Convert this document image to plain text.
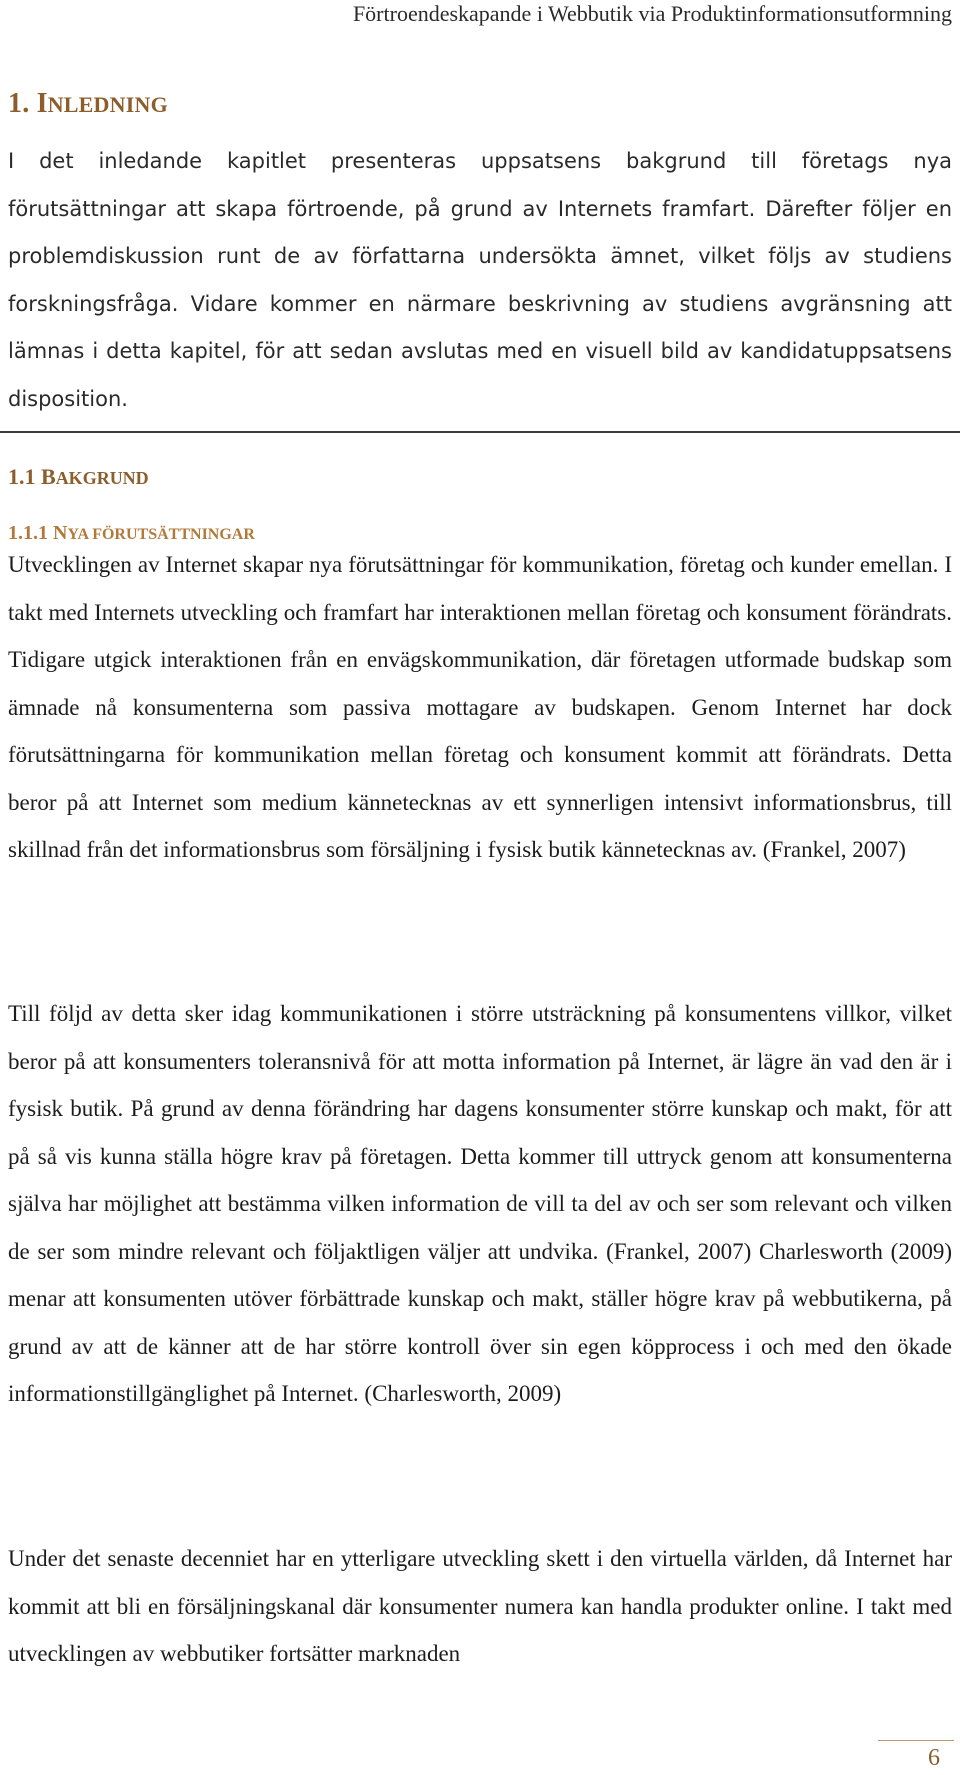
Förtroendeskapande i Webbutik via Produktinformationsutformning
1. INLEDNING

I det inledande kapitlet presenteras uppsatsens bakgrund till företags nya förutsättningar att skapa förtroende, på grund av Internets framfart. Därefter följer en problemdiskussion runt de av författarna undersökta ämnet, vilket följs av studiens forskningsfråga. Vidare kommer en närmare beskrivning av studiens avgränsning att lämnas i detta kapitel, för att sedan avslutas med en visuell bild av kandidatuppsatsens disposition.

1.1 BAKGRUND
1.1.1 NYA FÖRUTSÄTTNINGAR

Utvecklingen av Internet skapar nya förutsättningar för kommunikation, företag och kunder emellan. I takt med Internets utveckling och framfart har interaktionen mellan företag och konsument förändrats. Tidigare utgick interaktionen från en envägskommunikation, där företagen utformade budskap som ämnade nå konsumenterna som passiva mottagare av budskapen. Genom Internet har dock förutsättningarna för kommunikation mellan företag och konsument kommit att förändrats. Detta beror på att Internet som medium kännetecknas av ett synnerligen intensivt informationsbrus, till skillnad från det informationsbrus som försäljning i fysisk butik kännetecknas av. (Frankel, 2007)

Till följd av detta sker idag kommunikationen i större utsträckning på konsumentens villkor, vilket beror på att konsumenters toleransnivå för att motta information på Internet, är lägre än vad den är i fysisk butik. På grund av denna förändring har dagens konsumenter större kunskap och makt, för att på så vis kunna ställa högre krav på företagen. Detta kommer till uttryck genom att konsumenterna själva har möjlighet att bestämma vilken information de vill ta del av och ser som relevant och vilken de ser som mindre relevant och följaktligen väljer att undvika. (Frankel, 2007) Charlesworth (2009) menar att konsumenten utöver förbättrade kunskap och makt, ställer högre krav på webbutikerna, på grund av att de känner att de har större kontroll över sin egen köpprocess i och med den ökade informationstillgänglighet på Internet. (Charlesworth, 2009)

Under det senaste decenniet har en ytterligare utveckling skett i den virtuella världen, då Internet har kommit att bli en försäljningskanal där konsumenter numera kan handla produkter online. I takt med utvecklingen av webbutiker fortsätter marknaden

6
